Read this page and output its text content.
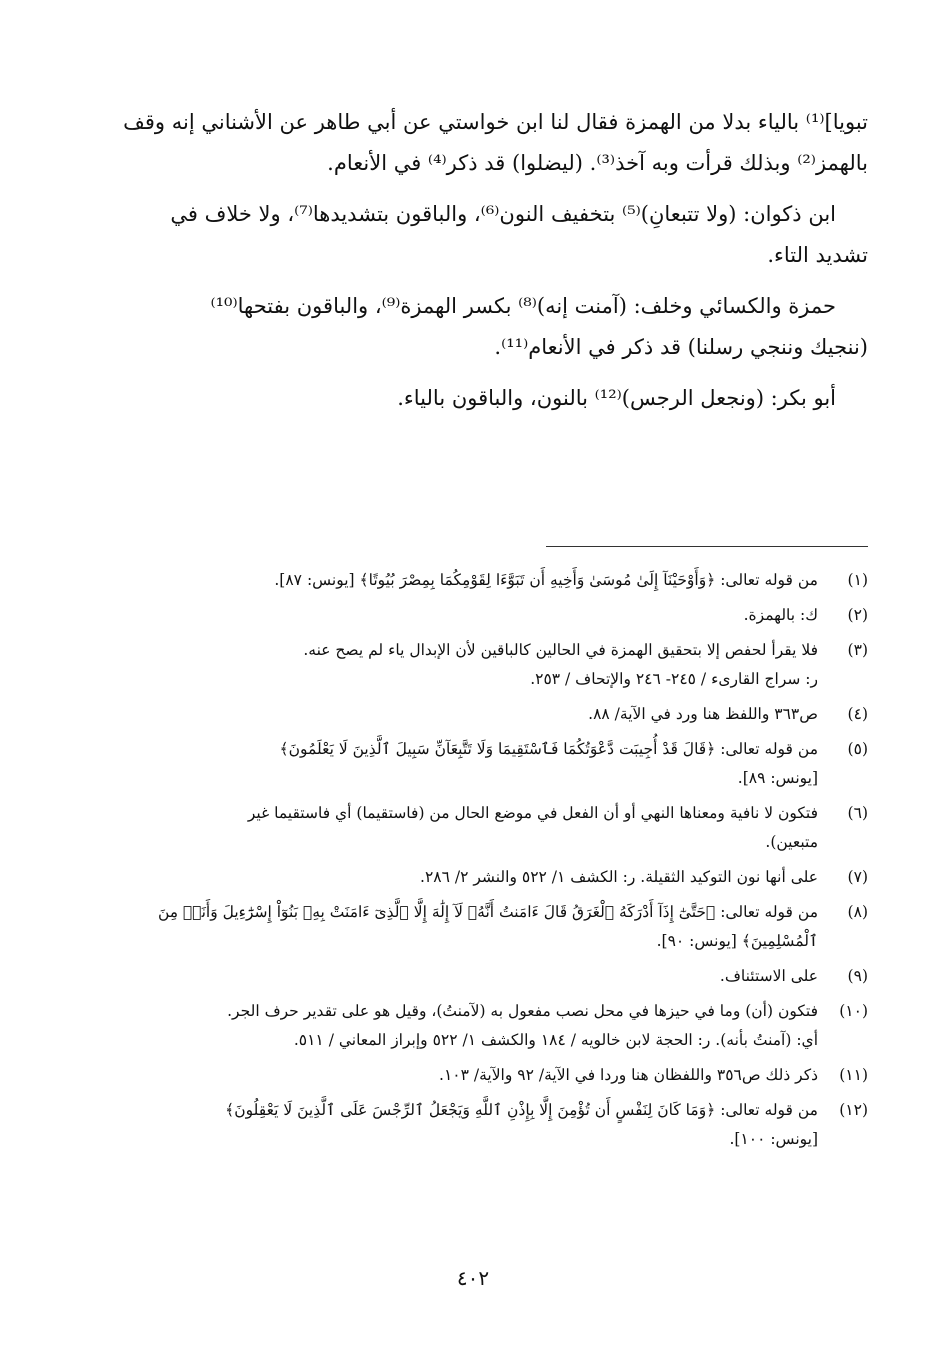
تبويا]⁽¹⁾ بالياء بدلا من الهمزة فقال لنا ابن خواستي عن أبي طاهر عن الأشناني إنه وقف
بالهمز⁽²⁾ وبذلك قرأت وبه آخذ⁽³⁾. (ليضلوا) قد ذكر⁽⁴⁾ في الأنعام.

ابن ذكوان: (ولا تتبعانِ)⁽⁵⁾ بتخفيف النون⁽⁶⁾، والباقون بتشديدها⁽⁷⁾، ولا خلاف في
تشديد التاء.

حمزة والكسائي وخلف: (آمنت إنه)⁽⁸⁾ بكسر الهمزة⁽⁹⁾، والباقون بفتحها⁽¹⁰⁾
(ننجيك وننجي رسلنا) قد ذكر في الأنعام⁽¹¹⁾.

أبو بكر: (ونجعل الرجس)⁽¹²⁾ بالنون، والباقون بالياء.

(١)
من قوله تعالى: ﴿وَأَوْحَيْنَآ إِلَىٰ مُوسَىٰ وَأَخِيهِ أَن تَبَوَّءَا لِقَوْمِكُمَا بِمِصْرَ بُيُوتًا﴾ [يونس: ٨٧].
(٢)
ك: بالهمزة.
(٣)
فلا يقرأ لحفص إلا بتحقيق الهمزة في الحالين كالباقين لأن الإبدال ياء لم يصح عنه.
ر: سراج القارىء / ٢٤٥- ٢٤٦ والإتحاف / ٢٥٣.
(٤)
ص٣٦٣ واللفظ هنا ورد في الآية/ ٨٨.
(٥)
من قوله تعالى: ﴿قَالَ قَدْ أُجِيبَت دَّعْوَتُكُمَا فَٱسْتَقِيمَا وَلَا تَتَّبِعَآنِّ سَبِيلَ ٱلَّذِينَ لَا يَعْلَمُونَ﴾
[يونس: ٨٩].
(٦)
فتكون لا نافية ومعناها النهي أو أن الفعل في موضع الحال من (فاستقيما) أي فاستقيما غير
متبعين).
(٧)
على أنها نون التوكيد الثقيلة. ر: الكشف ١/ ٥٢٢ والنشر ٢/ ٢٨٦.
(٨)
من قوله تعالى: ﴿حَتَّىٰٓ إِذَآ أَدْرَكَهُ ٱلْغَرَقُ قَالَ ءَامَنتُ أَنَّهُۥ لَآ إِلَٰهَ إِلَّا ٱلَّذِىٓ ءَامَنَتْ بِهِۦ بَنُوٓاْ إِسْرَٰٓءِيلَ وَأَنَا۠ مِنَ
ٱلْمُسْلِمِينَ﴾ [يونس: ٩٠].
(٩)
على الاستئناف.
(١٠)
فتكون (أن) وما في حيزها في محل نصب مفعول به (لآمنتُ)، وقيل هو على تقدير حرف الجر.
أي: (آمنتُ بأنه). ر: الحجة لابن خالويه / ١٨٤ والكشف ١/ ٥٢٢ وإبراز المعاني / ٥١١.
(١١)
ذكر ذلك ص٣٥٦ واللفظان هنا وردا في الآية/ ٩٢ والآية/ ١٠٣.
(١٢)
من قوله تعالى: ﴿وَمَا كَانَ لِنَفْسٍ أَن تُؤْمِنَ إِلَّا بِإِذْنِ ٱللَّهِ وَيَجْعَلُ ٱلرِّجْسَ عَلَى ٱلَّذِينَ لَا يَعْقِلُونَ﴾
[يونس: ١٠٠].
٤٠٢
